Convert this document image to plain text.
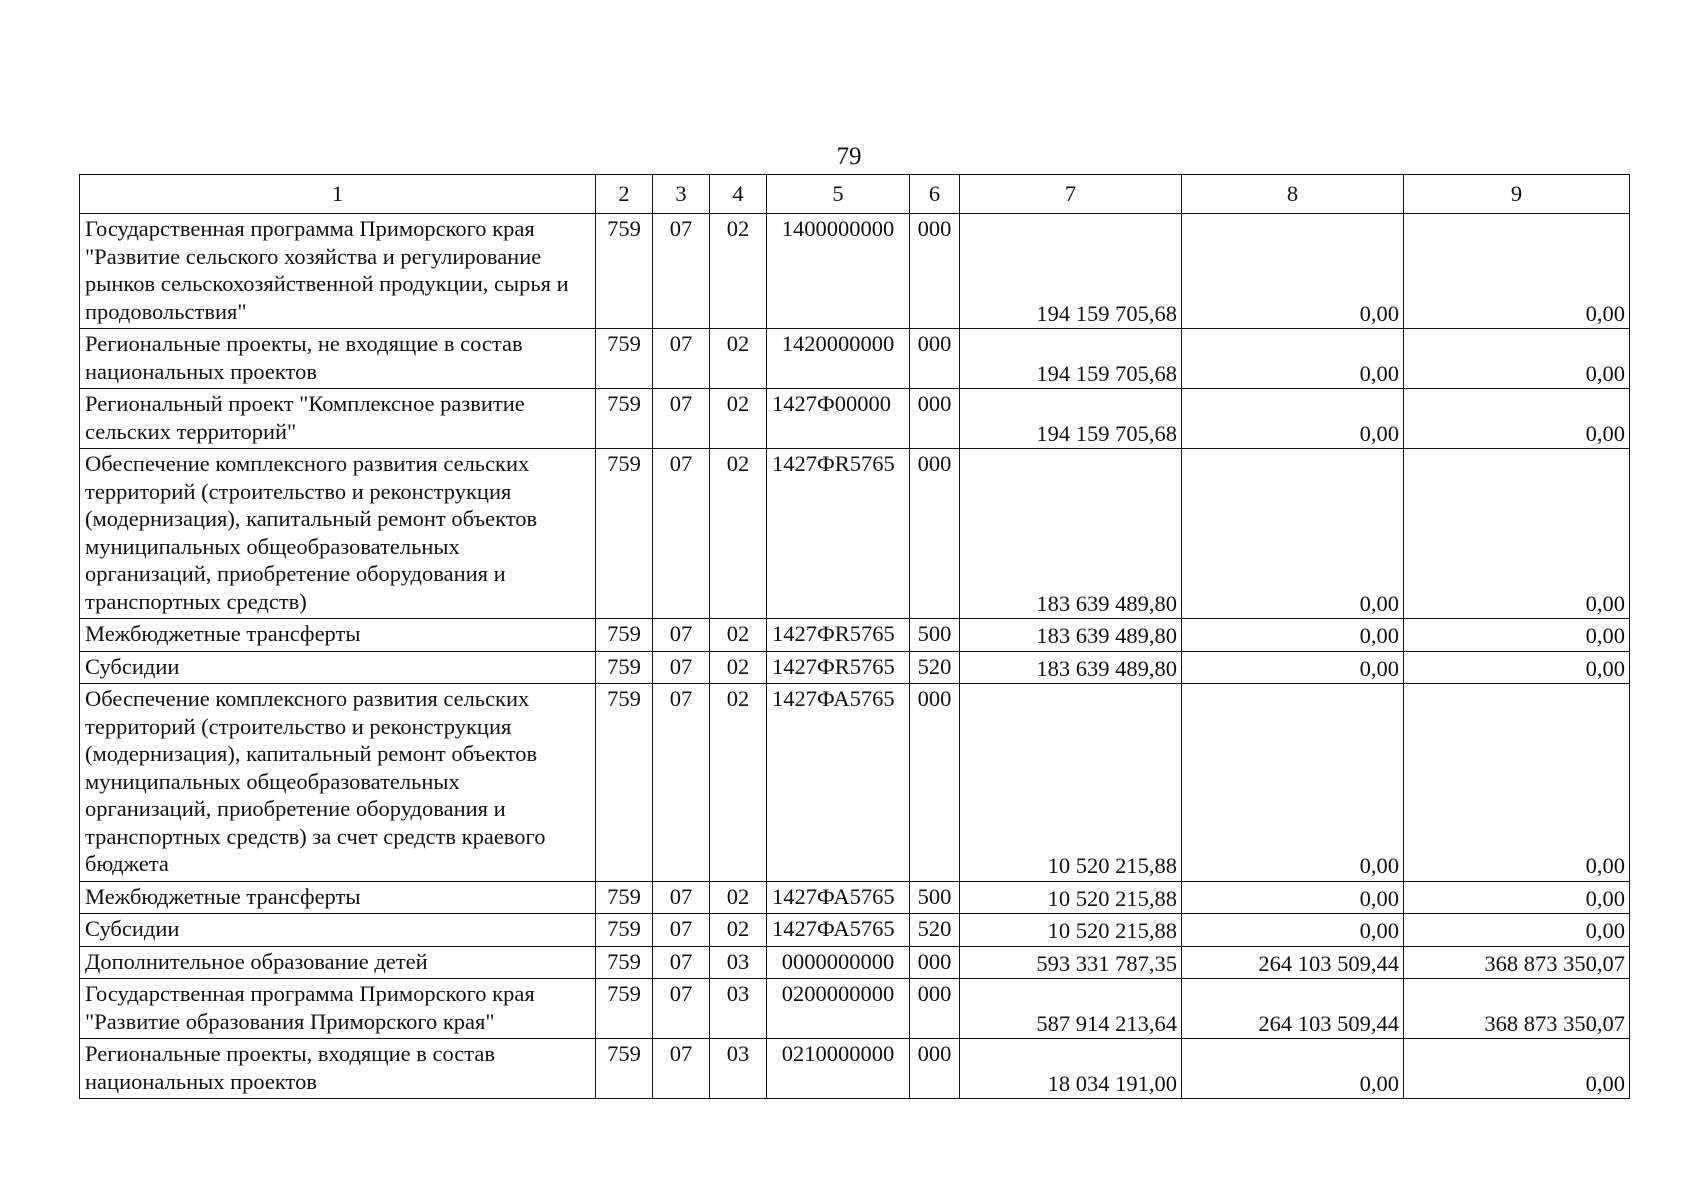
79
1	2	3	4	5	6	7	8	9
Государственная программа Приморского края "Развитие сельского хозяйства и регулирование рынков сельскохозяйственной продукции, сырья и продовольствия"	759	07	02	1400000000	000	194 159 705,68	0,00	0,00
Региональные проекты, не входящие в состав национальных проектов	759	07	02	1420000000	000	194 159 705,68	0,00	0,00
Региональный проект "Комплексное развитие сельских территорий"	759	07	02	1427Ф00000	000	194 159 705,68	0,00	0,00
Обеспечение комплексного развития сельских территорий (строительство и реконструкция (модернизация), капитальный ремонт объектов муниципальных общеобразовательных организаций, приобретение оборудования и транспортных средств)	759	07	02	1427ФR5765	000	183 639 489,80	0,00	0,00
Межбюджетные трансферты	759	07	02	1427ФR5765	500	183 639 489,80	0,00	0,00
Субсидии	759	07	02	1427ФR5765	520	183 639 489,80	0,00	0,00
Обеспечение комплексного развития сельских территорий (строительство и реконструкция (модернизация), капитальный ремонт объектов муниципальных общеобразовательных организаций, приобретение оборудования и транспортных средств) за счет средств краевого бюджета	759	07	02	1427ФА5765	000	10 520 215,88	0,00	0,00
Межбюджетные трансферты	759	07	02	1427ФА5765	500	10 520 215,88	0,00	0,00
Субсидии	759	07	02	1427ФА5765	520	10 520 215,88	0,00	0,00
Дополнительное образование детей	759	07	03	0000000000	000	593 331 787,35	264 103 509,44	368 873 350,07
Государственная программа Приморского края "Развитие образования Приморского края"	759	07	03	0200000000	000	587 914 213,64	264 103 509,44	368 873 350,07
Региональные проекты, входящие в состав национальных проектов	759	07	03	0210000000	000	18 034 191,00	0,00	0,00
